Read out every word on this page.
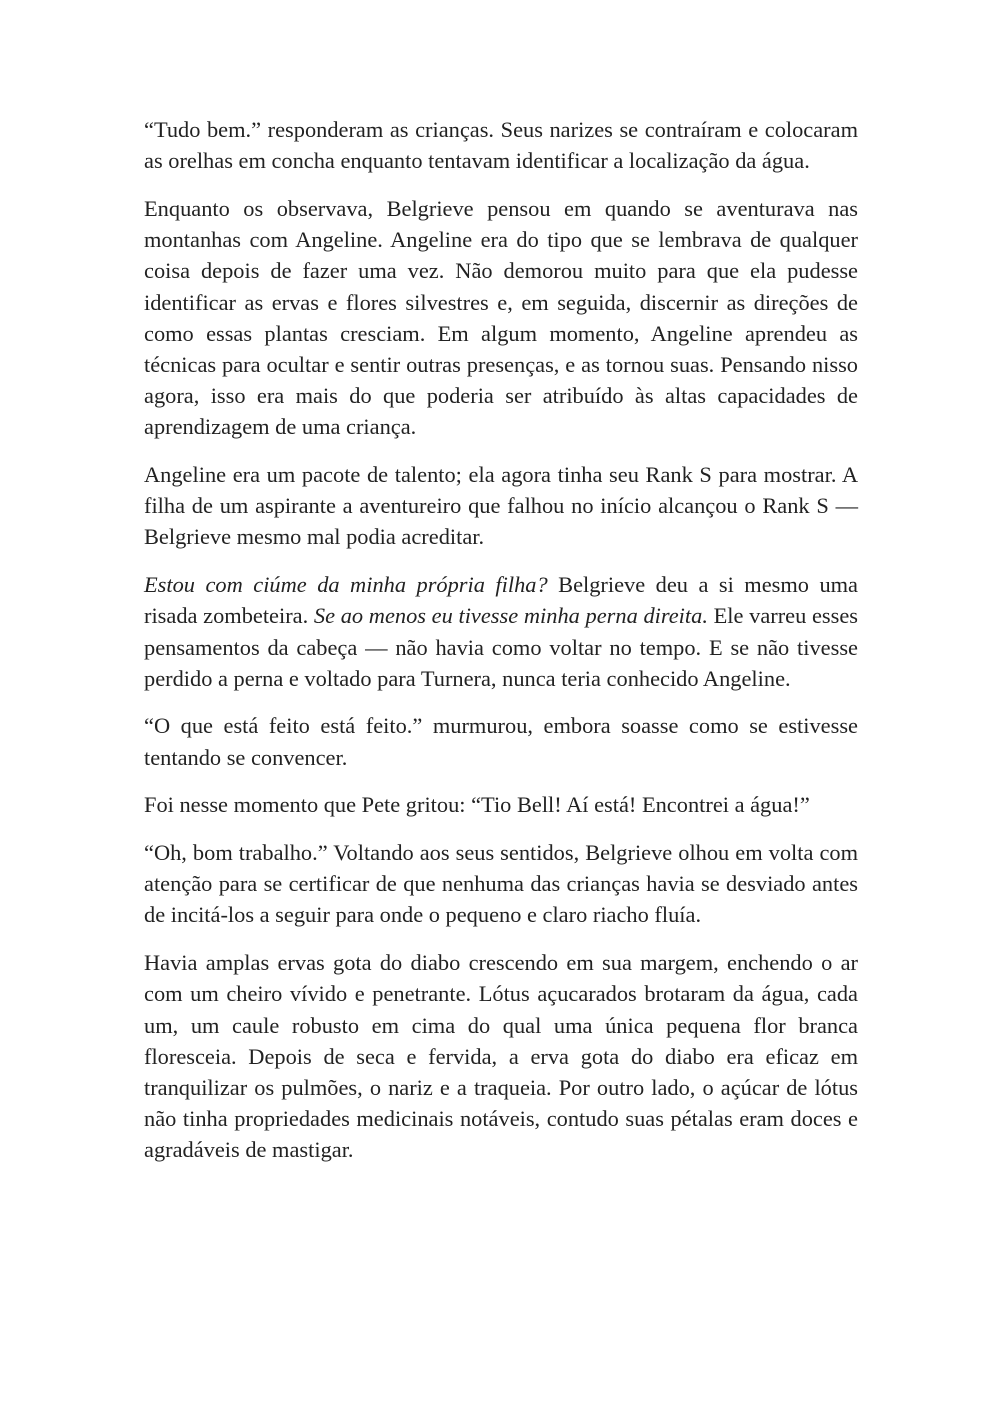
“Tudo bem.” responderam as crianças. Seus narizes se contraíram e colocaram as orelhas em concha enquanto tentavam identificar a localização da água.

Enquanto os observava, Belgrieve pensou em quando se aventurava nas montanhas com Angeline. Angeline era do tipo que se lembrava de qualquer coisa depois de fazer uma vez. Não demorou muito para que ela pudesse identificar as ervas e flores silvestres e, em seguida, discernir as direções de como essas plantas cresciam. Em algum momento, Angeline aprendeu as técnicas para ocultar e sentir outras presenças, e as tornou suas. Pensando nisso agora, isso era mais do que poderia ser atribuído às altas capacidades de aprendizagem de uma criança.

Angeline era um pacote de talento; ela agora tinha seu Rank S para mostrar. A filha de um aspirante a aventureiro que falhou no início alcançou o Rank S — Belgrieve mesmo mal podia acreditar.

Estou com ciúme da minha própria filha? Belgrieve deu a si mesmo uma risada zombeteira. Se ao menos eu tivesse minha perna direita. Ele varreu esses pensamentos da cabeça — não havia como voltar no tempo. E se não tivesse perdido a perna e voltado para Turnera, nunca teria conhecido Angeline.

“O que está feito está feito.” murmurou, embora soasse como se estivesse tentando se convencer.

Foi nesse momento que Pete gritou: “Tio Bell! Aí está! Encontrei a água!”

“Oh, bom trabalho.” Voltando aos seus sentidos, Belgrieve olhou em volta com atenção para se certificar de que nenhuma das crianças havia se desviado antes de incitá-los a seguir para onde o pequeno e claro riacho fluía.

Havia amplas ervas gota do diabo crescendo em sua margem, enchendo o ar com um cheiro vívido e penetrante. Lótus açucarados brotaram da água, cada um, um caule robusto em cima do qual uma única pequena flor branca floresceia. Depois de seca e fervida, a erva gota do diabo era eficaz em tranquilizar os pulmões, o nariz e a traqueia. Por outro lado, o açúcar de lótus não tinha propriedades medicinais notáveis, contudo suas pétalas eram doces e agradáveis de mastigar.
